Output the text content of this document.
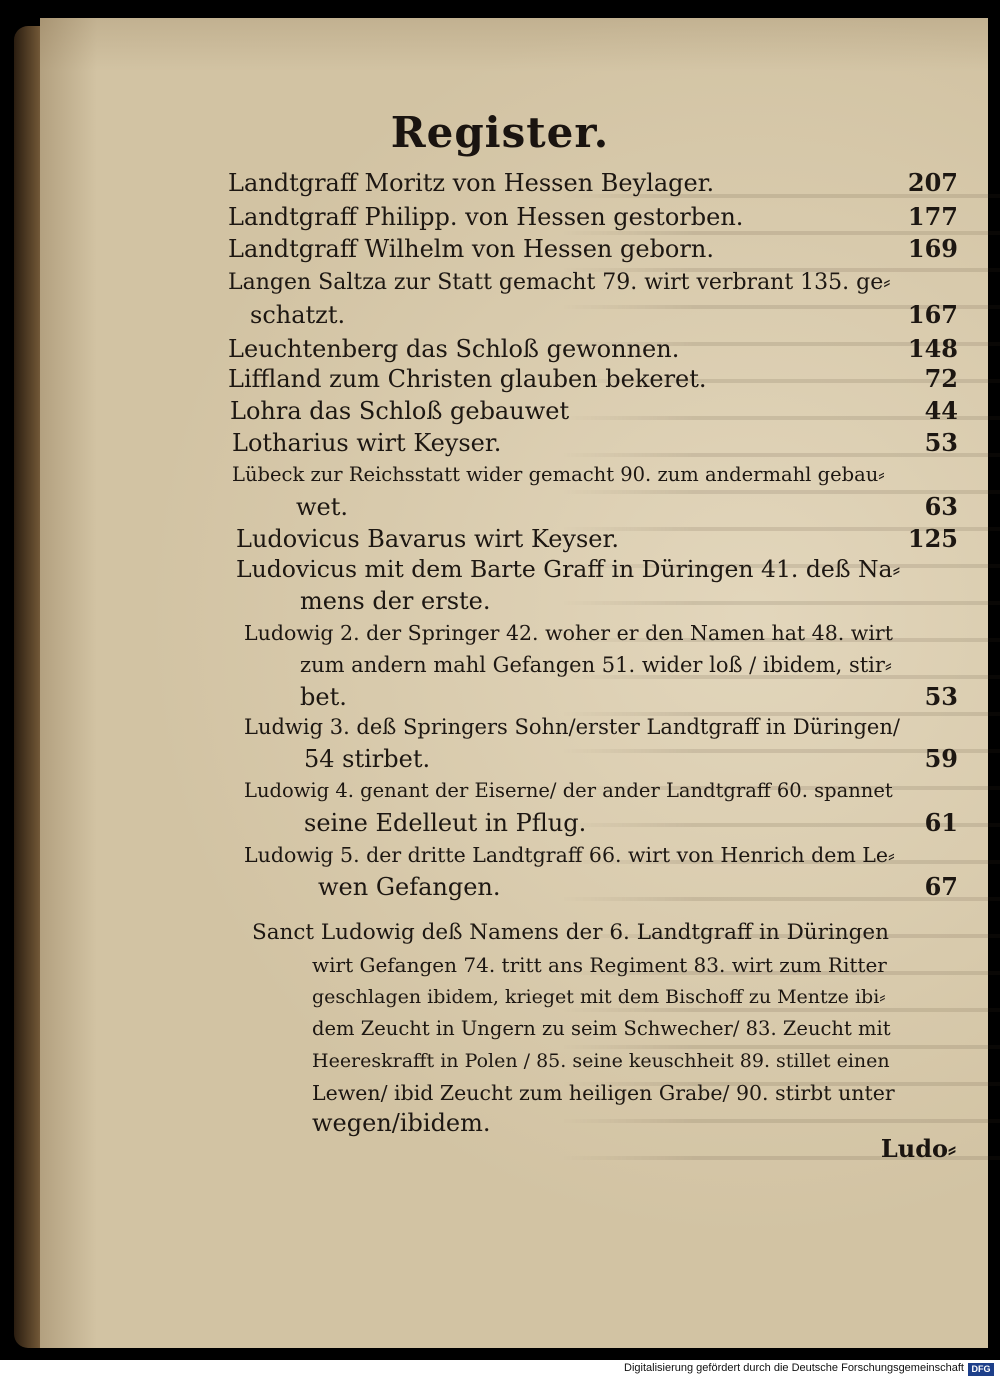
Register.
Landtgraff Moritz von Hessen Beylager.	207
Landtgraff Philipp. von Hessen gestorben.	177
Landtgraff Wilhelm von Hessen geborn.	169
Langen Saltza zur Statt gemacht 79. wirt verbrant 135. ge⸗
schatzt.	167
Leuchtenberg das Schloß gewonnen.	148
Liffland zum Christen glauben bekeret.	72
Lohra das Schloß gebauwet	44
Lotharius wirt Keyser.	53
Lübeck zur Reichsstatt wider gemacht 90. zum andermahl gebau⸗
wet.	63
Ludovicus Bavarus wirt Keyser.	125
Ludovicus mit dem Barte Graff in Düringen 41. deß Na⸗
mens der erste.
Ludowig 2. der Springer 42. woher er den Namen hat 48. wirt
zum andern mahl Gefangen 51. wider loß / ibidem, stir⸗
bet.	53
Ludwig 3. deß Springers Sohn/erster Landtgraff in Düringen/
54 stirbet.	59
Ludowig 4. genant der Eiserne/ der ander Landtgraff 60. spannet
seine Edelleut in Pflug.	61
Ludowig 5. der dritte Landtgraff 66. wirt von Henrich dem Le⸗
wen Gefangen.	67
Sanct Ludowig deß Namens der 6. Landtgraff in Düringen
wirt Gefangen 74. tritt ans Regiment 83. wirt zum Ritter
geschlagen ibidem, krieget mit dem Bischoff zu Mentze ibi⸗
dem Zeucht in Ungern zu seim Schwecher/ 83. Zeucht mit
Heereskrafft in Polen / 85. seine keuschheit 89. stillet einen
Lewen/ ibid Zeucht zum heiligen Grabe/ 90. stirbt unter
wegen/ibidem.
Ludo⸗
Digitalisierung gefördert durch die Deutsche Forschungsgemeinschaft DFG
